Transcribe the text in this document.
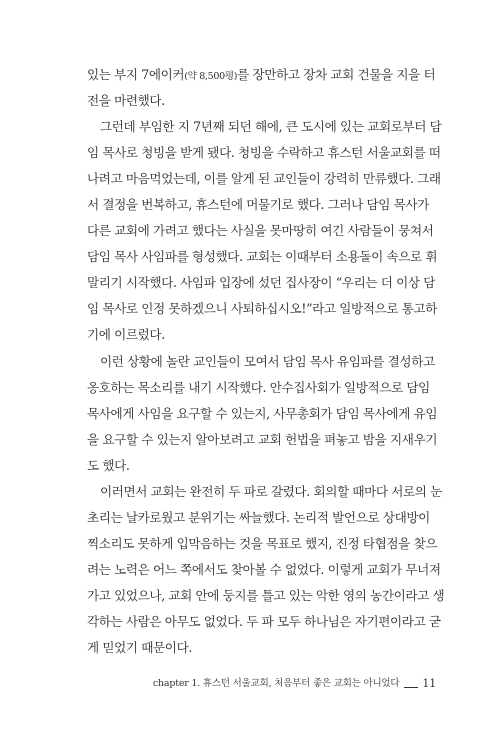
있는 부지 7에이커(약 8,500평)를 장만하고 장차 교회 건물을 지을 터
전을 마련했다.
그런데 부임한 지 7년째 되던 해에, 큰 도시에 있는 교회로부터 담
임 목사로 청빙을 받게 됐다. 청빙을 수락하고 휴스턴 서울교회를 떠
나려고 마음먹었는데, 이를 알게 된 교인들이 강력히 만류했다. 그래
서 결정을 번복하고, 휴스턴에 머물기로 했다. 그러나 담임 목사가
다른 교회에 가려고 했다는 사실을 못마땅히 여긴 사람들이 뭉쳐서
담임 목사 사임파를 형성했다. 교회는 이때부터 소용돌이 속으로 휘
말리기 시작했다. 사임파 입장에 섰던 집사장이 “우리는 더 이상 담
임 목사로 인정 못하겠으니 사퇴하십시오!”라고 일방적으로 통고하
기에 이르렀다.
이런 상황에 놀란 교인들이 모여서 담임 목사 유임파를 결성하고
옹호하는 목소리를 내기 시작했다. 안수집사회가 일방적으로 담임
목사에게 사임을 요구할 수 있는지, 사무총회가 담임 목사에게 유임
을 요구할 수 있는지 알아보려고 교회 헌법을 펴놓고 밤을 지새우기
도 했다.
이러면서 교회는 완전히 두 파로 갈렸다. 회의할 때마다 서로의 눈
초리는 날카로웠고 분위기는 싸늘했다. 논리적 발언으로 상대방이
찍소리도 못하게 입막음하는 것을 목표로 했지, 진정 타협점을 찾으
려는 노력은 어느 쪽에서도 찾아볼 수 없었다. 이렇게 교회가 무너져
가고 있었으나, 교회 안에 둥지를 틀고 있는 악한 영의 농간이라고 생
각하는 사람은 아무도 없었다. 두 파 모두 하나님은 자기편이라고 굳
게 믿었기 때문이다.
chapter 1. 휴스턴 서울교회, 처음부터 좋은 교회는 아니었다 11
